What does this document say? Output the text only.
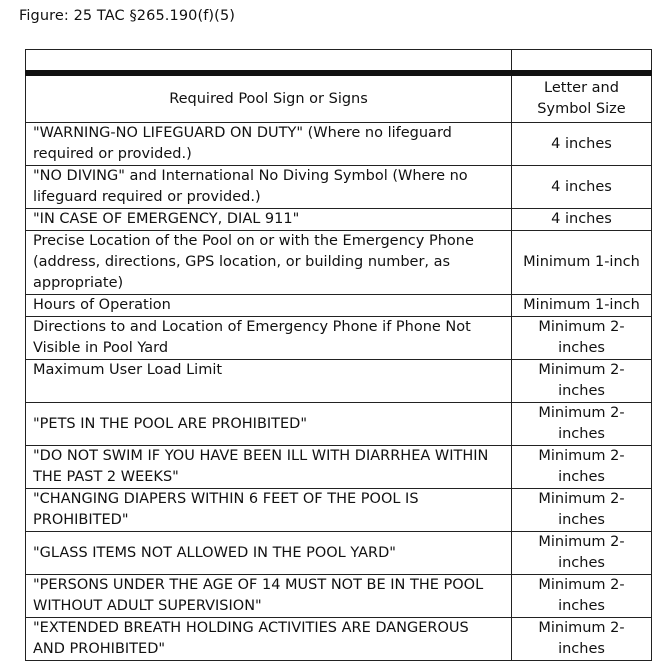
Figure: 25 TAC §265.190(f)(5)

Required Pool Sign or Signs	Letter and Symbol Size
"WARNING-NO LIFEGUARD ON DUTY" (Where no lifeguard required or provided.)	4 inches
"NO DIVING" and International No Diving Symbol (Where no lifeguard required or provided.)	4 inches
"IN CASE OF EMERGENCY, DIAL 911"	4 inches
Precise Location of the Pool on or with the Emergency Phone (address, directions, GPS location, or building number, as appropriate)	Minimum 1-inch
Hours of Operation	Minimum 1-inch
Directions to and Location of Emergency Phone if Phone Not Visible in Pool Yard	Minimum 2-inches
Maximum User Load Limit	Minimum 2-inches
"PETS IN THE POOL ARE PROHIBITED"	Minimum 2-inches
"DO NOT SWIM IF YOU HAVE BEEN ILL WITH DIARRHEA WITHIN THE PAST 2 WEEKS"	Minimum 2-inches
"CHANGING DIAPERS WITHIN 6 FEET OF THE POOL IS PROHIBITED"	Minimum 2-inches
"GLASS ITEMS NOT ALLOWED IN THE POOL YARD"	Minimum 2-inches
"PERSONS UNDER THE AGE OF 14 MUST NOT BE IN THE POOL WITHOUT ADULT SUPERVISION"	Minimum 2-inches
"EXTENDED BREATH HOLDING ACTIVITIES ARE DANGEROUS AND PROHIBITED"	Minimum 2-inches
